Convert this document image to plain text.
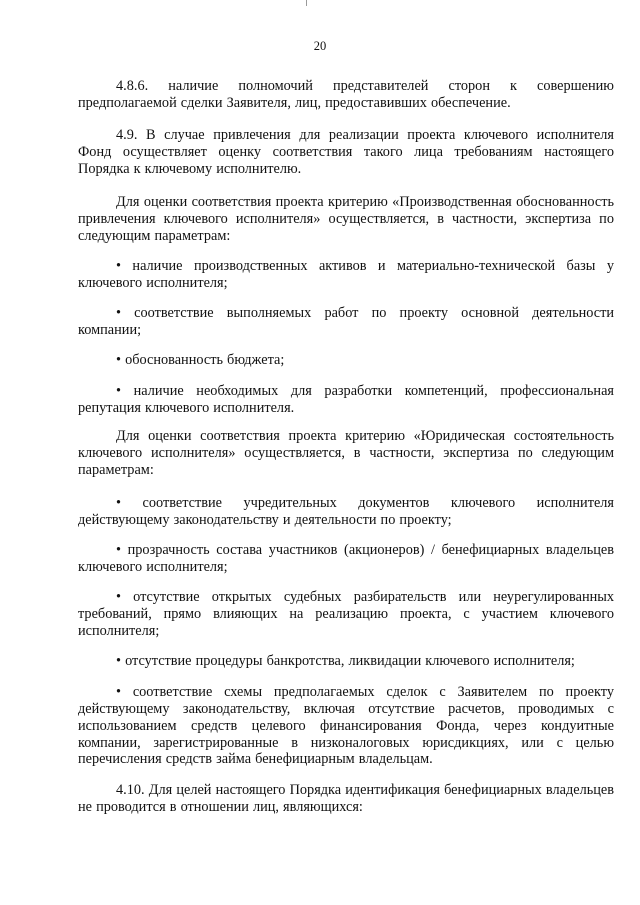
20

4.8.6. наличие полномочий представителей сторон к совершению предполагаемой сделки Заявителя, лиц, предоставивших обеспечение.

4.9. В случае привлечения для реализации проекта ключевого исполнителя Фонд осуществляет оценку соответствия такого лица требованиям настоящего Порядка к ключевому исполнителю.

Для оценки соответствия проекта критерию «Производственная обоснованность привлечения ключевого исполнителя» осуществляется, в частности, экспертиза по следующим параметрам:

• наличие производственных активов и материально-технической базы у ключевого исполнителя;

• соответствие выполняемых работ по проекту основной деятельности компании;

• обоснованность бюджета;

• наличие необходимых для разработки компетенций, профессиональная репутация ключевого исполнителя.

Для оценки соответствия проекта критерию «Юридическая состоятельность ключевого исполнителя» осуществляется, в частности, экспертиза по следующим параметрам:

• соответствие учредительных документов ключевого исполнителя действующему законодательству и деятельности по проекту;

• прозрачность состава участников (акционеров) / бенефициарных владельцев ключевого исполнителя;

• отсутствие открытых судебных разбирательств или неурегулированных требований, прямо влияющих на реализацию проекта, с участием ключевого исполнителя;

• отсутствие процедуры банкротства, ликвидации ключевого исполнителя;

• соответствие схемы предполагаемых сделок с Заявителем по проекту действующему законодательству, включая отсутствие расчетов, проводимых с использованием средств целевого финансирования Фонда, через кондуитные компании, зарегистрированные в низконалоговых юрисдикциях, или с целью перечисления средств займа бенефициарным владельцам.

4.10. Для целей настоящего Порядка идентификация бенефициарных владельцев не проводится в отношении лиц, являющихся:
